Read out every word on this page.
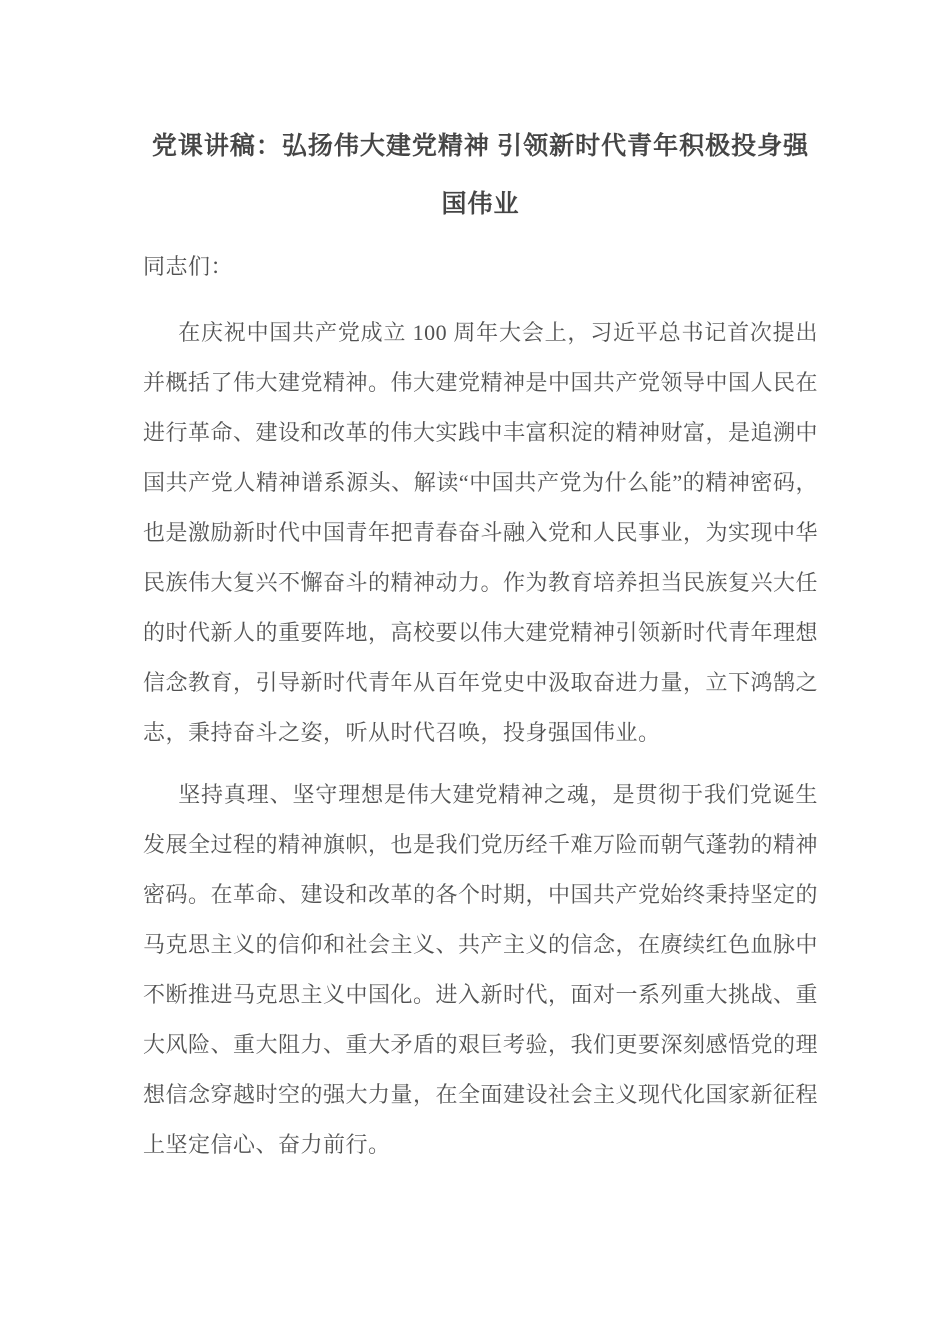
党课讲稿：弘扬伟大建党精神 引领新时代青年积极投身强国伟业

同志们：

在庆祝中国共产党成立 100 周年大会上，习近平总书记首次提出并概括了伟大建党精神。伟大建党精神是中国共产党领导中国人民在进行革命、建设和改革的伟大实践中丰富积淀的精神财富，是追溯中国共产党人精神谱系源头、解读“中国共产党为什么能”的精神密码，也是激励新时代中国青年把青春奋斗融入党和人民事业，为实现中华民族伟大复兴不懈奋斗的精神动力。作为教育培养担当民族复兴大任的时代新人的重要阵地，高校要以伟大建党精神引领新时代青年理想信念教育，引导新时代青年从百年党史中汲取奋进力量，立下鸿鹄之志，秉持奋斗之姿，听从时代召唤，投身强国伟业。

坚持真理、坚守理想是伟大建党精神之魂，是贯彻于我们党诞生发展全过程的精神旗帜，也是我们党历经千难万险而朝气蓬勃的精神密码。在革命、建设和改革的各个时期，中国共产党始终秉持坚定的马克思主义的信仰和社会主义、共产主义的信念，在赓续红色血脉中不断推进马克思主义中国化。进入新时代，面对一系列重大挑战、重大风险、重大阻力、重大矛盾的艰巨考验，我们更要深刻感悟党的理想信念穿越时空的强大力量，在全面建设社会主义现代化国家新征程上坚定信心、奋力前行。
